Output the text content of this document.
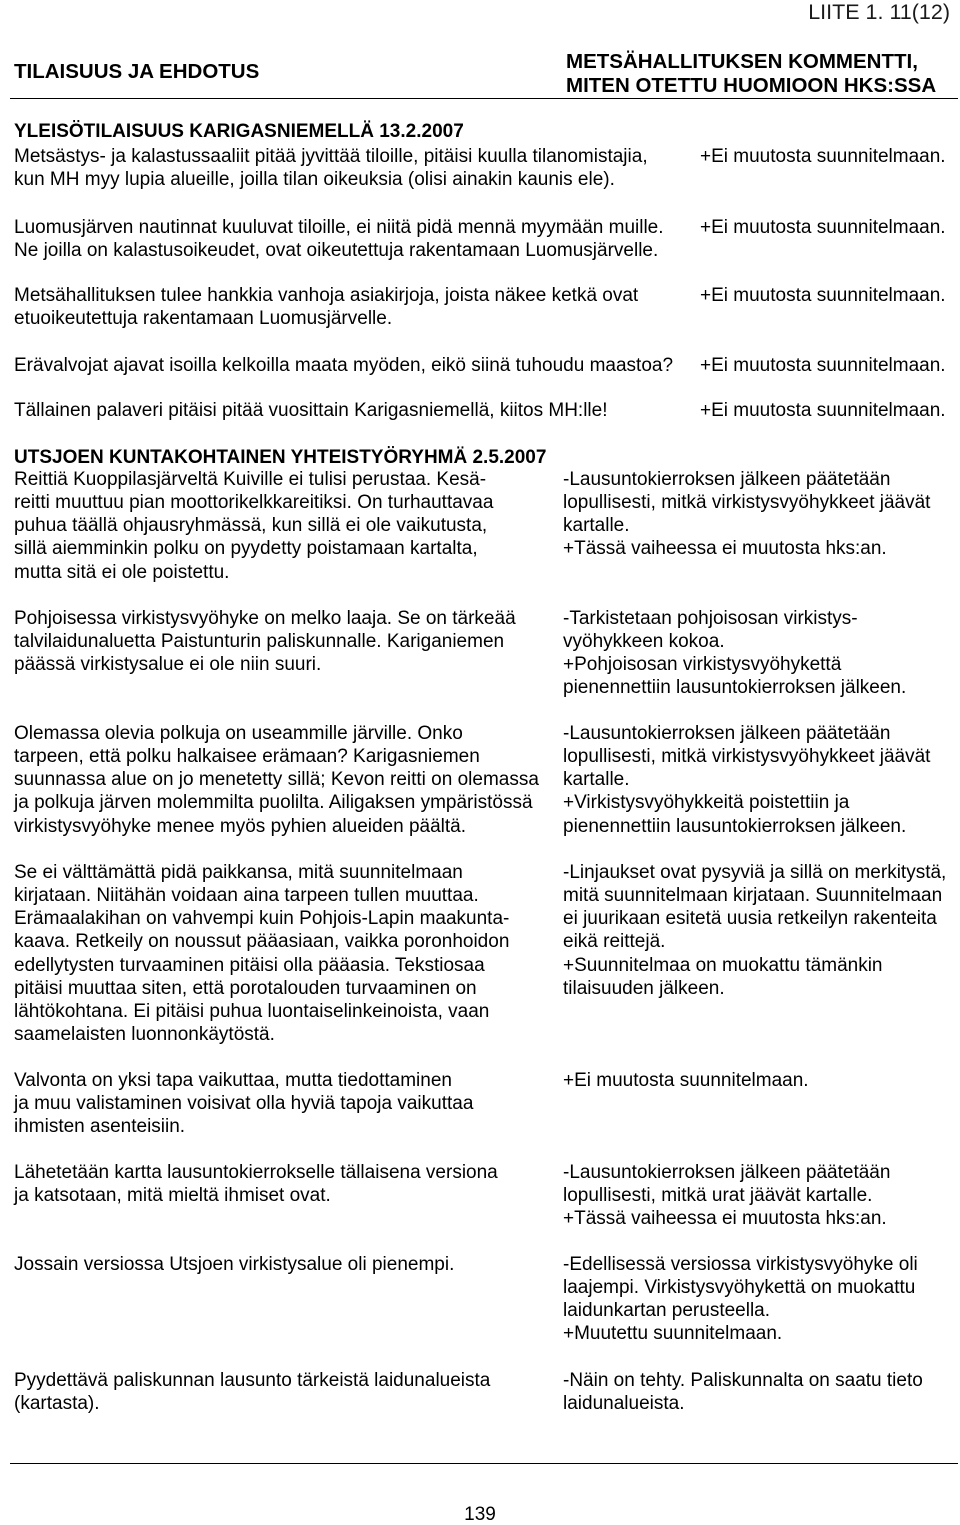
LIITE 1. 11(12)
TILAISUUS JA EHDOTUS	METSÄHALLITUKSEN KOMMENTTI,
MITEN OTETTU HUOMIOON HKS:SSA
YLEISÖTILAISUUS KARIGASNIEMELLÄ 13.2.2007
Metsästys- ja kalastussaaliit pitää jyvittää tiloille, pitäisi kuulla tilanomistajia,
kun MH myy lupia alueille, joilla tilan oikeuksia (olisi ainakin kaunis ele).
+Ei muutosta suunnitelmaan.
Luomusjärven nautinnat kuuluvat tiloille, ei niitä pidä mennä myymään muille.
Ne joilla on kalastusoikeudet, ovat oikeutettuja rakentamaan Luomusjärvelle.
+Ei muutosta suunnitelmaan.
Metsähallituksen tulee hankkia vanhoja asiakirjoja, joista näkee ketkä ovat
etuoikeutettuja rakentamaan Luomusjärvelle.
+Ei muutosta suunnitelmaan.
Erävalvojat ajavat isoilla kelkoilla maata myöden, eikö siinä tuhoudu maastoa? +Ei muutosta suunnitelmaan.
Tällainen palaveri pitäisi pitää vuosittain Karigasniemellä, kiitos MH:lle!	+Ei muutosta suunnitelmaan.
UTSJOEN KUNTAKOHTAINEN YHTEISTYÖRYHMÄ 2.5.2007
Reittiä Kuoppilasjärveltä Kuiville ei tulisi perustaa. Kesä-
reitti muuttuu pian moottorikelkkareitiksi. On turhauttavaa
puhua täällä ohjausryhmässä, kun sillä ei ole vaikutusta,
sillä aiemminkin polku on pyydetty poistamaan kartalta,
mutta sitä ei ole poistettu.
-Lausuntokierroksen jälkeen päätetään
lopullisesti, mitkä virkistysvyöhykkeet jäävät
kartalle.
+Tässä vaiheessa ei muutosta hks:an.
Pohjoisessa virkistysvyöhyke on melko laaja. Se on tärkeää
talvilaidunaluetta Paistunturin paliskunnalle. Kariganiemen
päässä virkistysalue ei ole niin suuri.
-Tarkistetaan pohjoisosan virkistys-
vyöhykkeen kokoa.
+Pohjoisosan virkistysvyöhykettä
pienennettiin lausuntokierroksen jälkeen.
Olemassa olevia polkuja on useammille järville. Onko
tarpeen, että polku halkaisee erämaan? Karigasniemen
suunnassa alue on jo menetetty sillä; Kevon reitti on olemassa
ja polkuja järven molemmilta puolilta. Ailigaksen ympäristössä
virkistysvyöhyke menee myös pyhien alueiden päältä.
-Lausuntokierroksen jälkeen päätetään
lopullisesti, mitkä virkistysvyöhykkeet jäävät
kartalle.
+Virkistysvyöhykkeitä poistettiin ja
pienennettiin lausuntokierroksen jälkeen.
Se ei välttämättä pidä paikkansa, mitä suunnitelmaan
kirjataan. Niitähän voidaan aina tarpeen tullen muuttaa.
Erämaalakihan on vahvempi kuin Pohjois-Lapin maakunta-
kaava. Retkeily on noussut pääasiaan, vaikka poronhoidon
edellytysten turvaaminen pitäisi olla pääasia. Tekstiosaa
pitäisi muuttaa siten, että porotalouden turvaaminen on
lähtökohtana. Ei pitäisi puhua luontaiselinkeinoista, vaan
saamelaisten luonnonkäytöstä.
-Linjaukset ovat pysyviä ja sillä on merkitystä,
mitä suunnitelmaan kirjataan. Suunnitelmaan
ei juurikaan esitetä uusia retkeilyn rakenteita
eikä reittejä.
+Suunnitelmaa on muokattu tämänkin
tilaisuuden jälkeen.
Valvonta on yksi tapa vaikuttaa, mutta tiedottaminen
ja muu valistaminen voisivat olla hyviä tapoja vaikuttaa
ihmisten asenteisiin.
+Ei muutosta suunnitelmaan.
Lähetetään kartta lausuntokierrokselle tällaisena versiona
ja katsotaan, mitä mieltä ihmiset ovat.
-Lausuntokierroksen jälkeen päätetään
lopullisesti, mitkä urat jäävät kartalle.
+Tässä vaiheessa ei muutosta hks:an.
Jossain versiossa Utsjoen virkistysalue oli pienempi.	-Edellisessä versiossa virkistysvyöhyke oli
laajempi. Virkistysvyöhykettä on muokattu
laidunkartan perusteella.
+Muutettu suunnitelmaan.
Pyydettävä paliskunnan lausunto tärkeistä laidunalueista
(kartasta).
-Näin on tehty. Paliskunnalta on saatu tieto
laidunalueista.
139
